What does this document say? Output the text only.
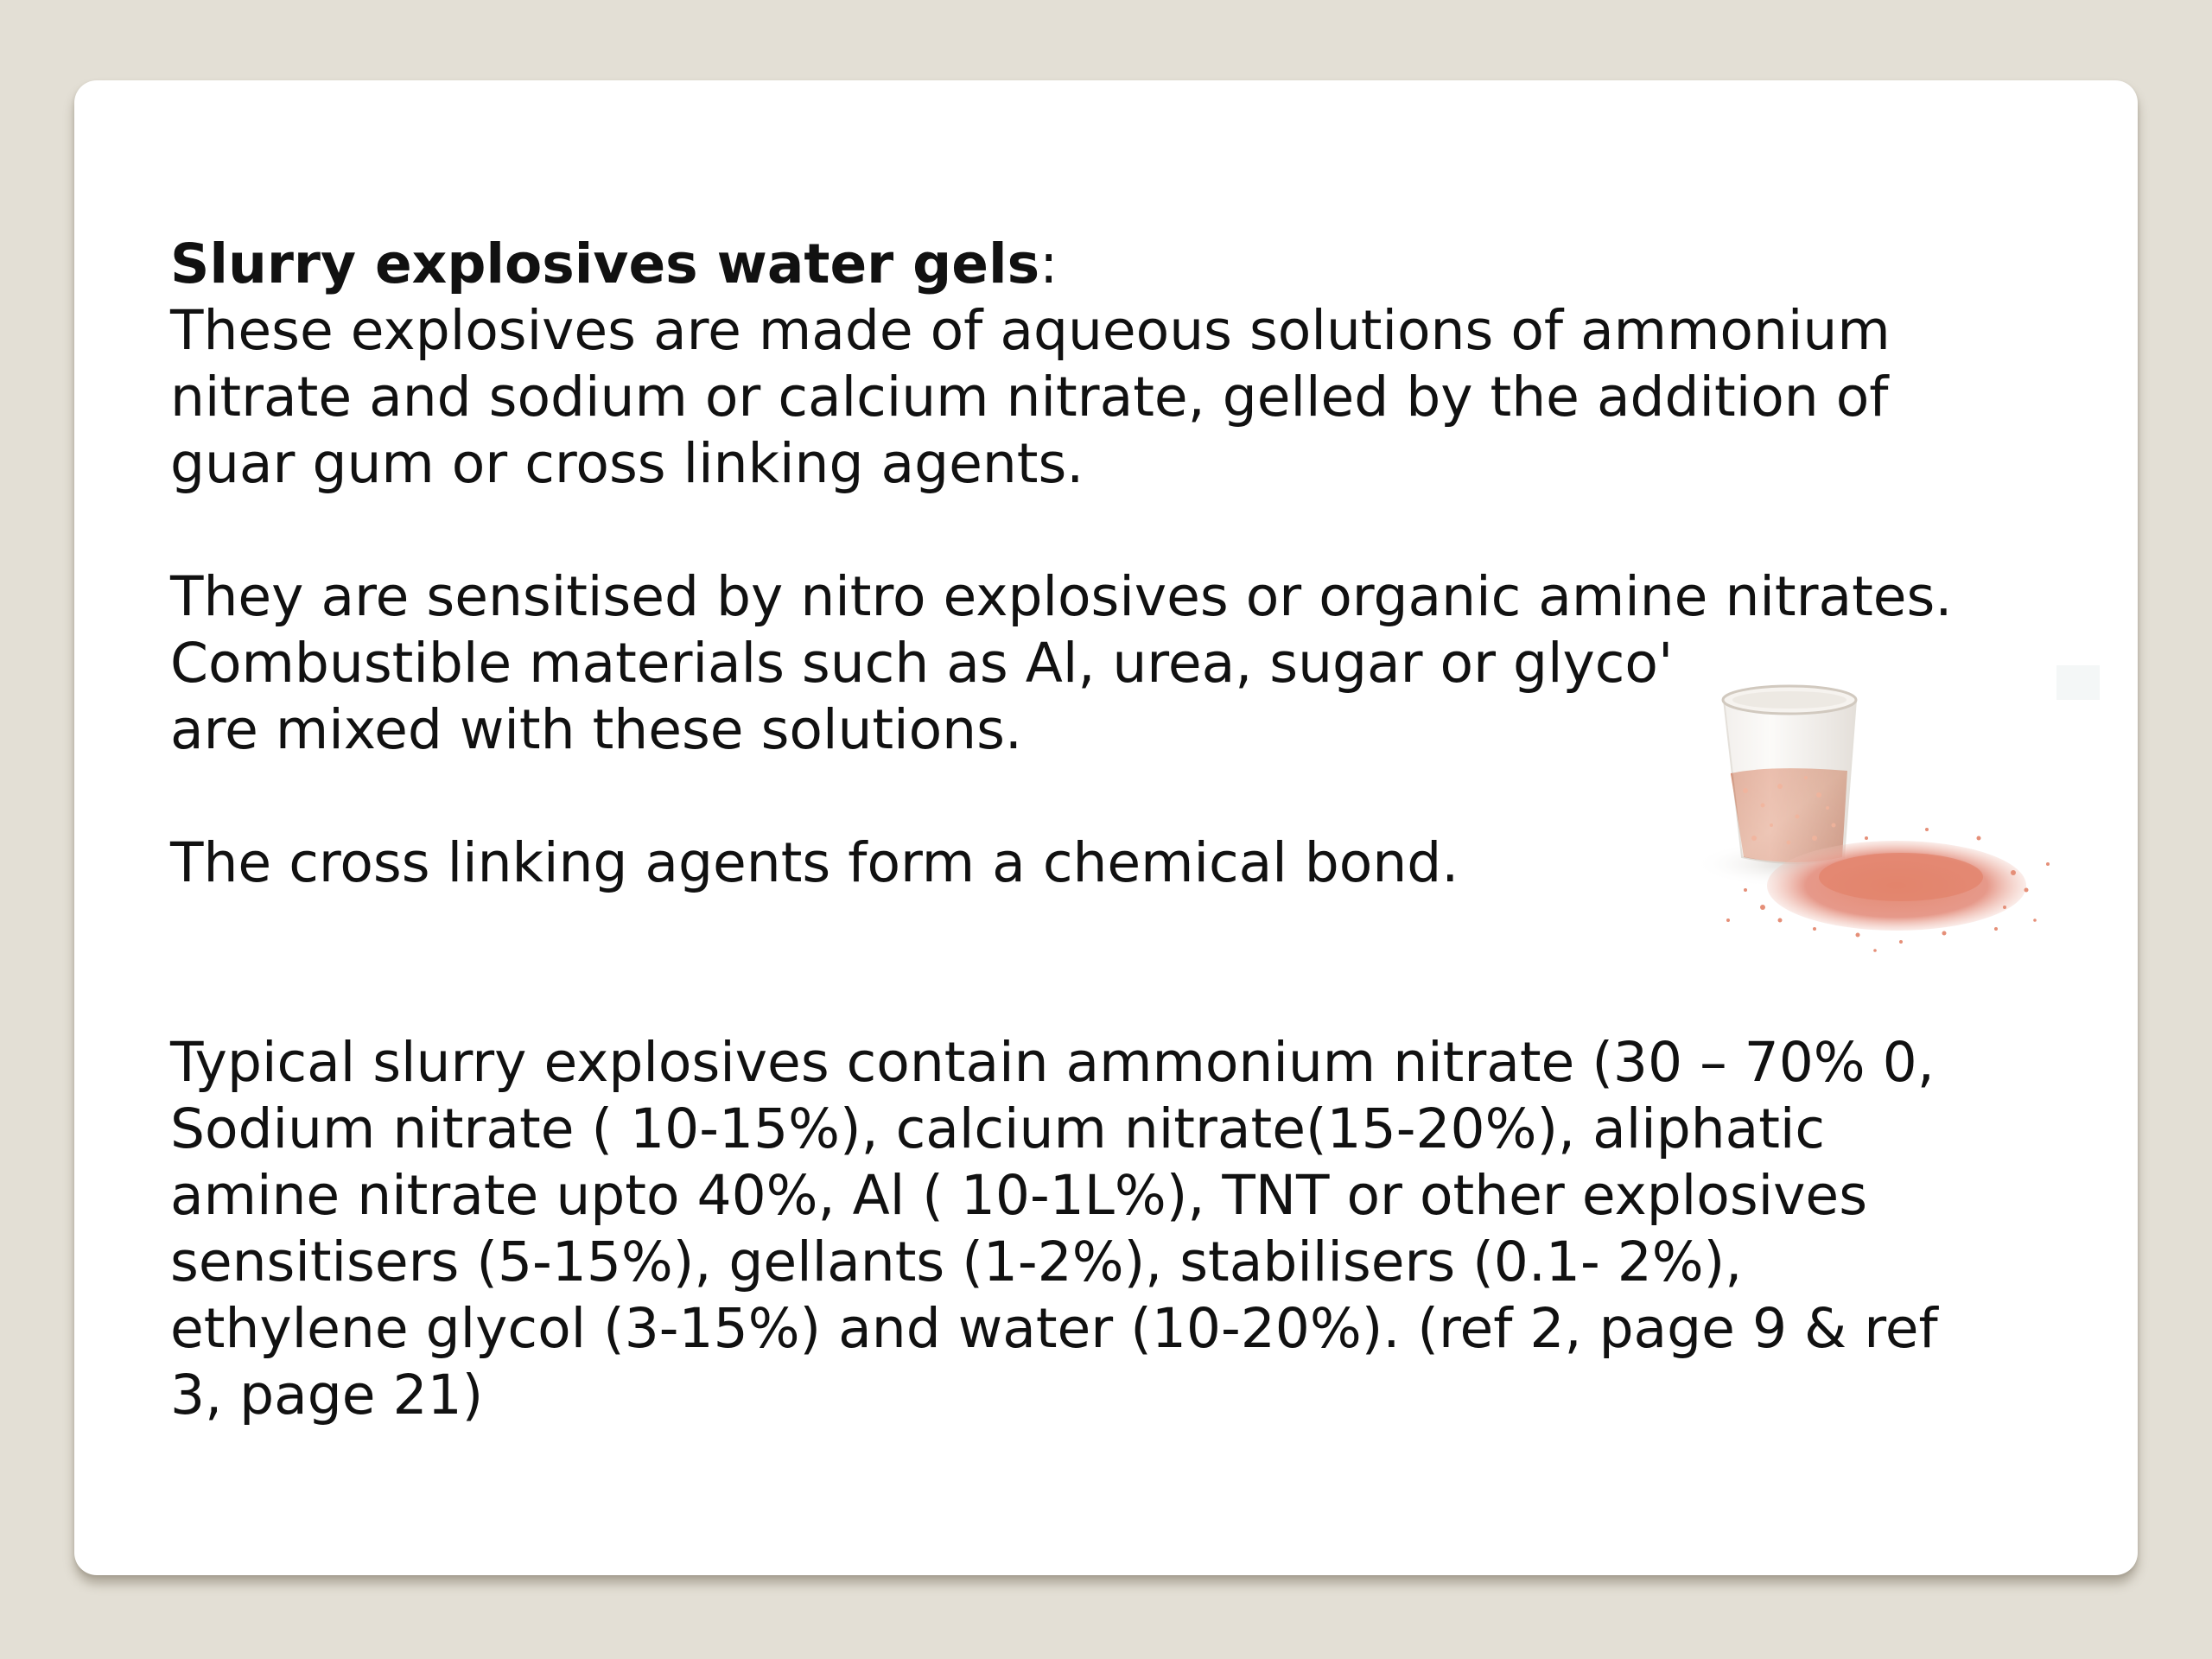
Slurry explosives water gels:

These explosives are made of aqueous solutions of ammonium
nitrate and sodium or calcium nitrate, gelled by the addition of
guar gum or cross linking agents.

They are sensitised by nitro explosives or organic amine nitrates.
Combustible materials such as Al, urea, sugar or glyco'
are mixed with these solutions.

The cross linking agents form a chemical bond.

Typical slurry explosives contain ammonium nitrate (30 – 70% 0,
Sodium nitrate ( 10-15%), calcium nitrate(15-20%), aliphatic
amine nitrate upto 40%, Al ( 10-1L%), TNT or other explosives
sensitisers (5-15%), gellants (1-2%), stabilisers (0.1- 2%),
ethylene glycol (3-15%) and water (10-20%). (ref 2, page 9 & ref
3, page 21)
